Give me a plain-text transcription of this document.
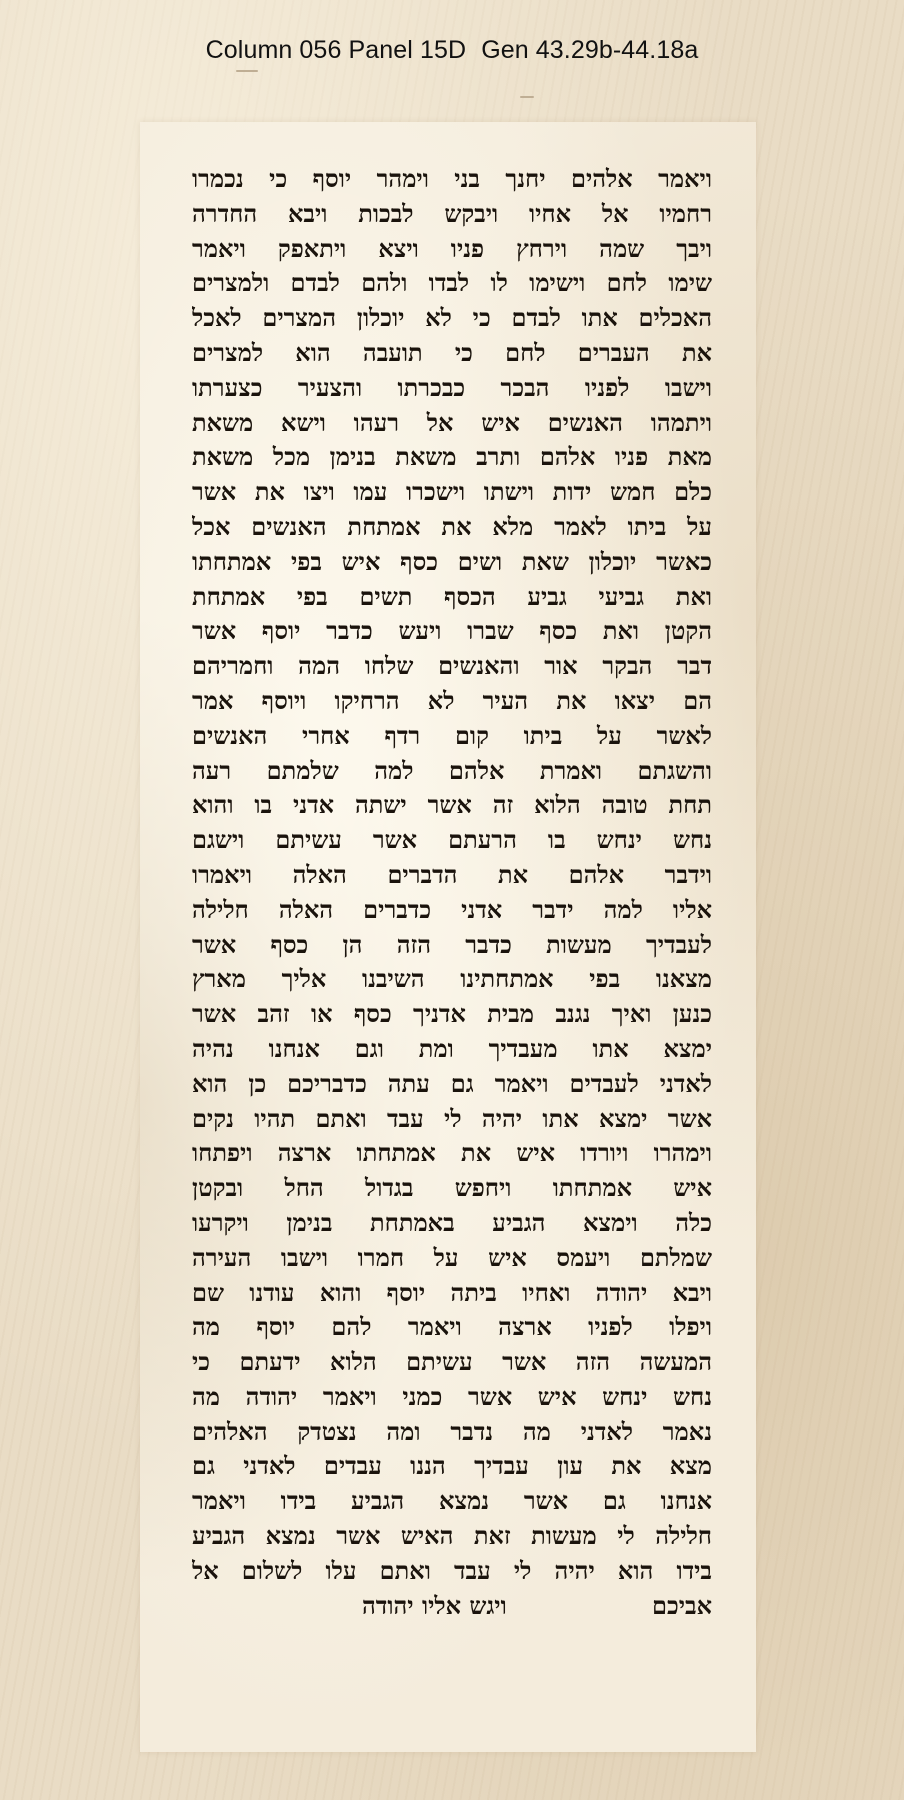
Column 056 Panel 15D Gen 43.29b-44.18a
ויאמר אלהים יחנך בני וימהר יוסף כי נכמרו
רחמיו אל אחיו ויבקש לבכות ויבא החדרה
ויבך שמה וירחץ פניו ויצא ויתאפק ויאמר
שימו לחם וישימו לו לבדו ולהם לבדם ולמצרים
האכלים אתו לבדם כי לא יוכלון המצרים לאכל
את העברים לחם כי תועבה הוא למצרים
וישבו לפניו הבכר כבכרתו והצעיר כצערתו
ויתמהו האנשים איש אל רעהו וישא משאת
מאת פניו אלהם ותרב משאת בנימן מכל משאת
כלם חמש ידות וישתו וישכרו עמו ויצו את אשר
על ביתו לאמר מלא את אמתחת האנשים אכל
כאשר יוכלון שאת ושים כסף איש בפי אמתחתו
ואת גביעי גביע הכסף תשים בפי אמתחת
הקטן ואת כסף שברו ויעש כדבר יוסף אשר
דבר הבקר אור והאנשים שלחו המה וחמריהם
הם יצאו את העיר לא הרחיקו ויוסף אמר
לאשר על ביתו קום רדף אחרי האנשים
והשגתם ואמרת אלהם למה שלמתם רעה
תחת טובה הלוא זה אשר ישתה אדני בו והוא
נחש ינחש בו הרעתם אשר עשיתם וישגם
וידבר אלהם את הדברים האלה ויאמרו
אליו למה ידבר אדני כדברים האלה חלילה
לעבדיך מעשות כדבר הזה הן כסף אשר
מצאנו בפי אמתחתינו השיבנו אליך מארץ
כנען ואיך נגנב מבית אדניך כסף או זהב אשר
ימצא אתו מעבדיך ומת וגם אנחנו נהיה
לאדני לעבדים ויאמר גם עתה כדבריכם כן הוא
אשר ימצא אתו יהיה לי עבד ואתם תהיו נקים
וימהרו ויורדו איש את אמתחתו ארצה ויפתחו
איש אמתחתו ויחפש בגדול החל ובקטן
כלה וימצא הגביע באמתחת בנימן ויקרעו
שמלתם ויעמס איש על חמרו וישבו העירה
ויבא יהודה ואחיו ביתה יוסף והוא עודנו שם
ויפלו לפניו ארצה ויאמר להם יוסף מה
המעשה הזה אשר עשיתם הלוא ידעתם כי
נחש ינחש איש אשר כמני ויאמר יהודה מה
נאמר לאדני מה נדבר ומה נצטדק האלהים
מצא את עון עבדיך הננו עבדים לאדני גם
אנחנו גם אשר נמצא הגביע בידו ויאמר
חלילה לי מעשות זאת האיש אשר נמצא הגביע
בידו הוא יהיה לי עבד ואתם עלו לשלום אל
אביכם
ויגש אליו יהודה
